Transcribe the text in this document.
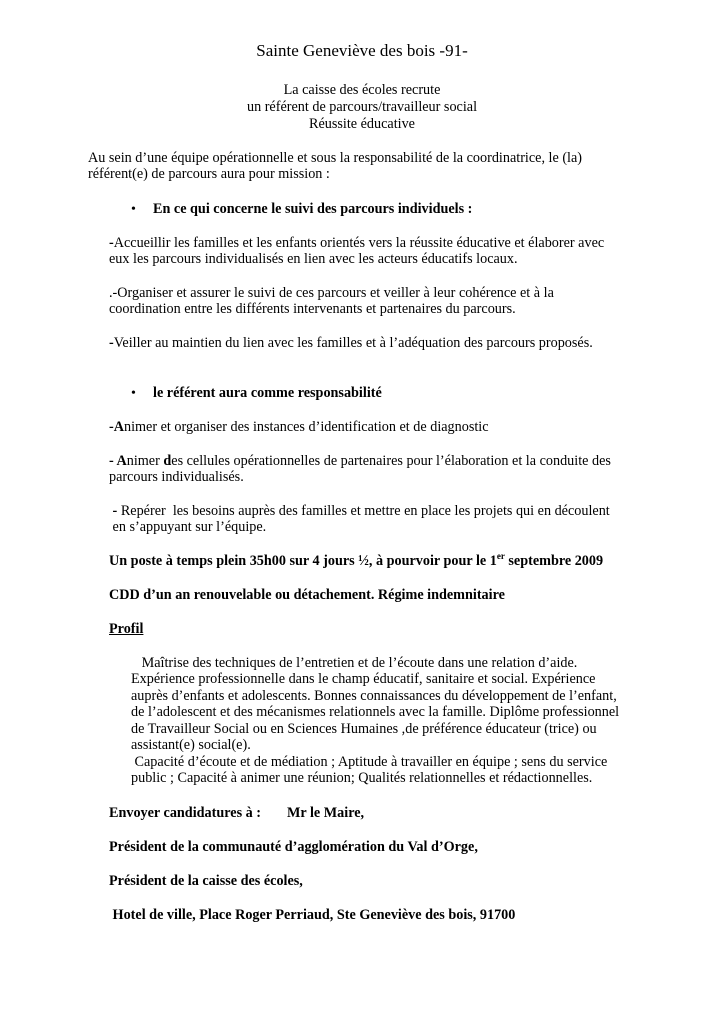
Sainte Geneviève des bois -91-
La caisse des écoles recrute
un référent de parcours/travailleur social
Réussite éducative
Au sein d’une équipe opérationnelle et sous la responsabilité de la coordinatrice, le (la)
référent(e) de parcours aura pour mission :
• En ce qui concerne le suivi des parcours individuels :
-Accueillir les familles et les enfants orientés vers la réussite éducative et élaborer avec
eux les parcours individualisés en lien avec les acteurs éducatifs locaux.
.-Organiser et assurer le suivi de ces parcours et veiller à leur cohérence et à la
coordination entre les différents intervenants et partenaires du parcours.
-Veiller au maintien du lien avec les familles et à l’adéquation des parcours proposés.
• le référent aura comme responsabilité
-Animer et organiser des instances d’identification et de diagnostic
- Animer des cellules opérationnelles de partenaires pour l’élaboration et la conduite des
parcours individualisés.
- Repérer  les besoins auprès des familles et mettre en place les projets qui en découlent
en s’appuyant sur l’équipe.
Un poste à temps plein 35h00 sur 4 jours ½, à pourvoir pour le 1er septembre 2009
CDD d’un an renouvelable ou détachement. Régime indemnitaire
Profil
Maîtrise des techniques de l’entretien et de l’écoute dans une relation d’aide.
Expérience professionnelle dans le champ éducatif, sanitaire et social. Expérience
auprès d’enfants et adolescents. Bonnes connaissances du développement de l’enfant,
de l’adolescent et des mécanismes relationnels avec la famille. Diplôme professionnel
de Travailleur Social ou en Sciences Humaines ,de préférence éducateur (trice) ou
assistant(e) social(e).
Capacité d’écoute et de médiation ; Aptitude à travailler en équipe ; sens du service
public ; Capacité à animer une réunion; Qualités relationnelles et rédactionnelles.
Envoyer candidatures à : Mr le Maire,
Président de la communauté d’agglomération du Val d’Orge,
Président de la caisse des écoles,
Hotel de ville, Place Roger Perriaud, Ste Geneviève des bois, 91700
